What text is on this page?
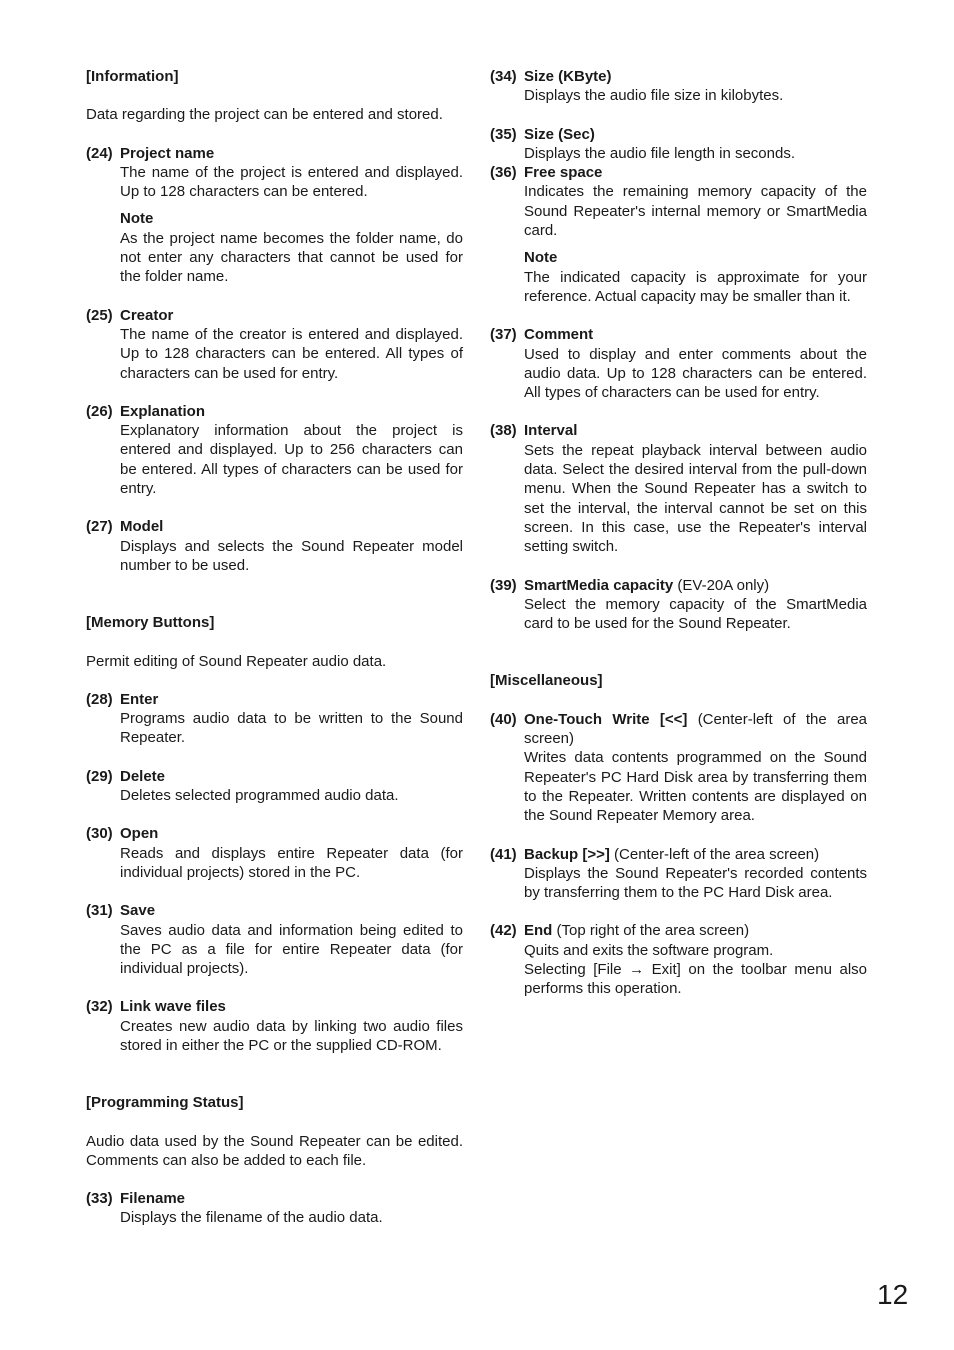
[Information]

Data regarding the project can be entered and stored.

(24) Project name
The name of the project is entered and displayed. Up to 128 characters can be entered.
Note
As the project name becomes the folder name, do not enter any characters that cannot be used for the folder name.
(25) Creator
The name of the creator is entered and displayed. Up to 128 characters can be entered. All types of characters can be used for entry.
(26) Explanation
Explanatory information about the project is entered and displayed. Up to 256 characters can be entered. All types of characters can be used for entry.
(27) Model
Displays and selects the Sound Repeater model number to be used.

[Memory Buttons]

Permit editing of Sound Repeater audio data.

(28) Enter
Programs audio data to be written to the Sound Repeater.
(29) Delete
Deletes selected programmed audio data.
(30) Open
Reads and displays entire Repeater data (for individual projects) stored in the PC.
(31) Save
Saves audio data and information being edited to the PC as a file for entire Repeater data (for individual projects).
(32) Link wave files
Creates new audio data by linking two audio files stored in either the PC or the supplied CD-ROM.

[Programming Status]

Audio data used by the Sound Repeater can be edited. Comments can also be added to each file.

(33) Filename
Displays the filename of the audio data.
(34) Size (KByte)
Displays the audio file size in kilobytes.
(35) Size (Sec)
Displays the audio file length in seconds.
(36) Free space
Indicates the remaining memory capacity of the Sound Repeater's internal memory or SmartMedia card.
Note
The indicated capacity is approximate for your reference. Actual capacity may be smaller than it.
(37) Comment
Used to display and enter comments about the audio data. Up to 128 characters can be entered. All types of characters can be used for entry.
(38) Interval
Sets the repeat playback interval between audio data. Select the desired interval from the pull-down menu. When the Sound Repeater has a switch to set the interval, the interval cannot be set on this screen. In this case, use the Repeater's interval setting switch.
(39) SmartMedia capacity (EV-20A only)
Select the memory capacity of the SmartMedia card to be used for the Sound Repeater.

[Miscellaneous]

(40) One-Touch Write [<<] (Center-left of the area screen)
Writes data contents programmed on the Sound Repeater's PC Hard Disk area by transferring them to the Repeater. Written contents are displayed on the Sound Repeater Memory area.
(41) Backup [>>] (Center-left of the area screen)
Displays the Sound Repeater's recorded contents by transferring them to the PC Hard Disk area.
(42) End (Top right of the area screen)
Quits and exits the software program.
Selecting [File → Exit] on the toolbar menu also performs this operation.
12
